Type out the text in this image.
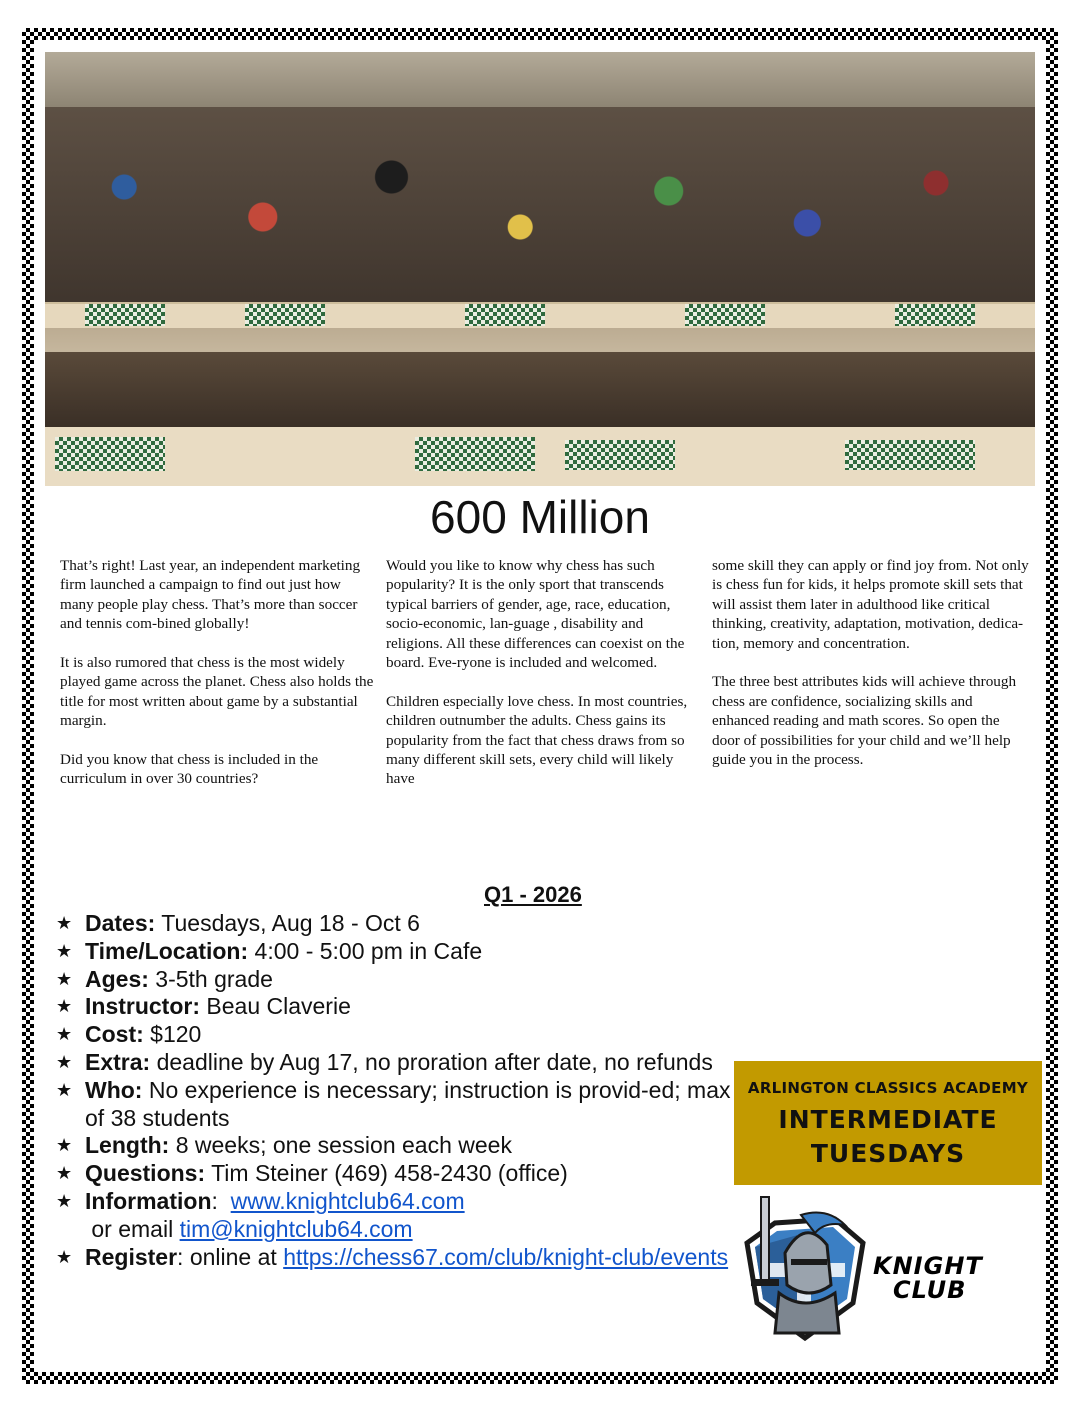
600 Million
That’s right! Last year, an independent marketing firm launched a campaign to find out just how many people play chess. That’s more than soccer and tennis com-bined globally!

It is also rumored that chess is the most widely played game across the planet. Chess also holds the title for most written about game by a substantial margin.

Did you know that chess is included in the curriculum in over 30 countries?
Would you like to know why chess has such popularity? It is the only sport that transcends typical barriers of gender, age, race, education, socio-economic, lan-guage , disability and religions. All these differences can coexist on the board. Eve-ryone is included and welcomed.

Children especially love chess. In most countries, children outnumber the adults. Chess gains its popularity from the fact that chess draws from so many different skill sets, every child will likely have
some skill they can apply or find joy from. Not only is chess fun for kids, it helps promote skill sets that will assist them later in adulthood like critical thinking, creativity, adaptation, motivation, dedica-tion, memory and concentration.

The three best attributes kids will achieve through chess are confidence, socializing skills and enhanced reading and math scores. So open the door of possibilities for your child and we’ll help guide you in the process.
Q1 - 2026
★ Dates: Tuesdays, Aug 18 - Oct 6
★ Time/Location: 4:00 - 5:00 pm in Cafe
★ Ages: 3-5th grade
★ Instructor: Beau Claverie
★ Cost: $120
★ Extra: deadline by Aug 17, no proration after date, no refunds
★ Who: No experience is necessary; instruction is provid-ed; max of 38 students
★ Length: 8 weeks; one session each week
★ Questions: Tim Steiner (469) 458-2430 (office)
★ Information:  www.knightclub64.com or email tim@knightclub64.com
★ Register: online at https://chess67.com/club/knight-club/events
ARLINGTON CLASSICS ACADEMY
INTERMEDIATE
TUESDAYS
KNIGHT
CLUB
